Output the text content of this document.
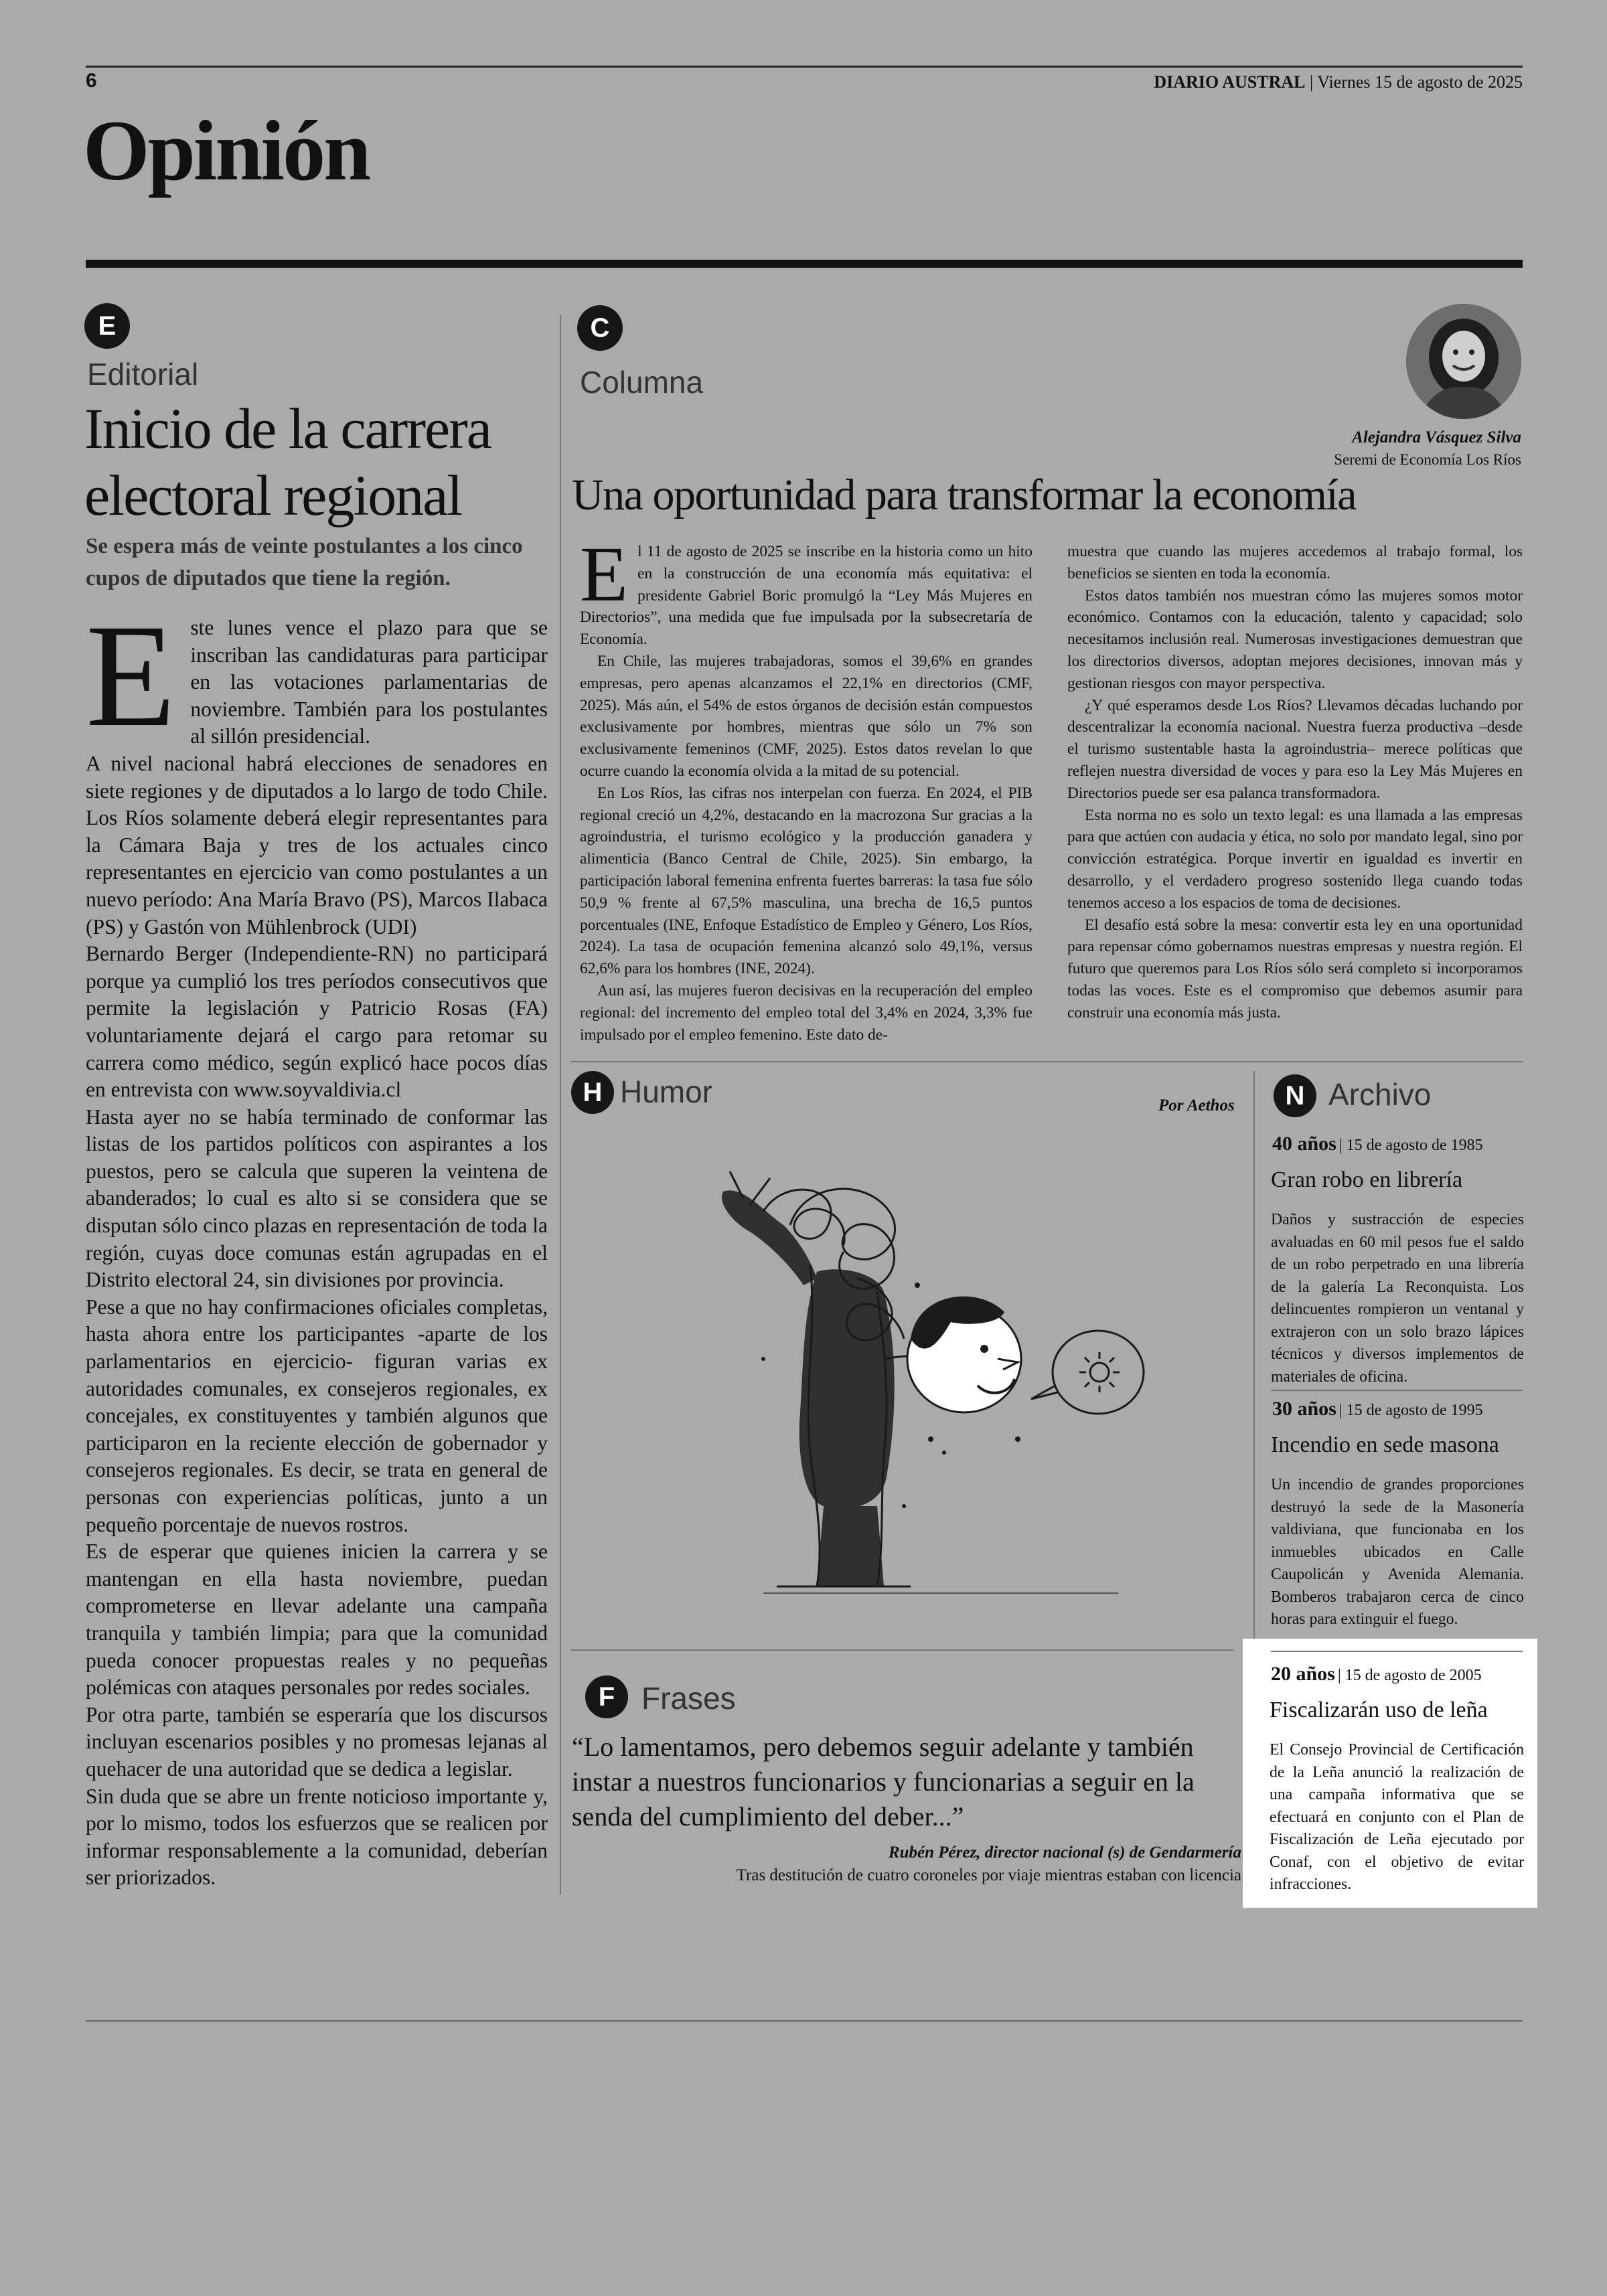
6	DIARIO AUSTRAL | Viernes 15 de agosto de 2025
Opinión
E
Editorial
Inicio de la carrera
electoral regional
Se espera más de veinte postulantes a los cinco cupos de diputados que tiene la región.

Este lunes vence el plazo para que se inscriban las candidaturas para participar en las votaciones parlamentarias de noviembre. También para los postulantes al sillón presidencial.

A nivel nacional habrá elecciones de senadores en siete regiones y de diputados a lo largo de todo Chile. Los Ríos solamente deberá elegir representantes para la Cámara Baja y tres de los actuales cinco representantes en ejercicio van como postulantes a un nuevo período: Ana María Bravo (PS), Marcos Ilabaca (PS) y Gastón von Mühlenbrock (UDI)

Bernardo Berger (Independiente-RN) no participará porque ya cumplió los tres períodos consecutivos que permite la legislación y Patricio Rosas (FA) voluntariamente dejará el cargo para retomar su carrera como médico, según explicó hace pocos días en entrevista con www.soyvaldivia.cl

Hasta ayer no se había terminado de conformar las listas de los partidos políticos con aspirantes a los puestos, pero se calcula que superen la veintena de abanderados; lo cual es alto si se considera que se disputan sólo cinco plazas en representación de toda la región, cuyas doce comunas están agrupadas en el Distrito electoral 24, sin divisiones por provincia.

Pese a que no hay confirmaciones oficiales completas, hasta ahora entre los participantes -aparte de los parlamentarios en ejercicio- figuran varias ex autoridades comunales, ex consejeros regionales, ex concejales, ex constituyentes y también algunos que participaron en la reciente elección de gobernador y consejeros regionales. Es decir, se trata en general de personas con experiencias políticas, junto a un pequeño porcentaje de nuevos rostros.

Es de esperar que quienes inicien la carrera y se mantengan en ella hasta noviembre, puedan comprometerse en llevar adelante una campaña tranquila y también limpia; para que la comunidad pueda conocer propuestas reales y no pequeñas polémicas con ataques personales por redes sociales.

Por otra parte, también se esperaría que los discursos incluyan escenarios posibles y no promesas lejanas al quehacer de una autoridad que se dedica a legislar.

Sin duda que se abre un frente noticioso importante y, por lo mismo, todos los esfuerzos que se realicen por informar responsablemente a la comunidad, deberían ser priorizados.

C
Columna
Alejandra Vásquez Silva
Seremi de Economía Los Ríos
Una oportunidad para transformar la economía

El 11 de agosto de 2025 se inscribe en la historia como un hito en la construcción de una economía más equitativa: el presidente Gabriel Boric promulgó la “Ley Más Mujeres en Directorios”, una medida que fue impulsada por la subsecretaría de Economía.

En Chile, las mujeres trabajadoras, somos el 39,6% en grandes empresas, pero apenas alcanzamos el 22,1% en directorios (CMF, 2025). Más aún, el 54% de estos órganos de decisión están compuestos exclusivamente por hombres, mientras que sólo un 7% son exclusivamente femeninos (CMF, 2025). Estos datos revelan lo que ocurre cuando la economía olvida a la mitad de su potencial.

En Los Ríos, las cifras nos interpelan con fuerza. En 2024, el PIB regional creció un 4,2%, destacando en la macrozona Sur gracias a la agroindustria, el turismo ecológico y la producción ganadera y alimenticia (Banco Central de Chile, 2025). Sin embargo, la participación laboral femenina enfrenta fuertes barreras: la tasa fue sólo 50,9 % frente al 67,5% masculina, una brecha de 16,5 puntos porcentuales (INE, Enfoque Estadístico de Empleo y Género, Los Ríos, 2024). La tasa de ocupación femenina alcanzó solo 49,1%, versus 62,6% para los hombres (INE, 2024).

Aun así, las mujeres fueron decisivas en la recuperación del empleo regional: del incremento del empleo total del 3,4% en 2024, 3,3% fue impulsado por el empleo femenino. Este dato de-

muestra que cuando las mujeres accedemos al trabajo formal, los beneficios se sienten en toda la economía.

Estos datos también nos muestran cómo las mujeres somos motor económico. Contamos con la educación, talento y capacidad; solo necesitamos inclusión real. Numerosas investigaciones demuestran que los directorios diversos, adoptan mejores decisiones, innovan más y gestionan riesgos con mayor perspectiva.

¿Y qué esperamos desde Los Ríos? Llevamos décadas luchando por descentralizar la economía nacional. Nuestra fuerza productiva –desde el turismo sustentable hasta la agroindustria– merece políticas que reflejen nuestra diversidad de voces y para eso la Ley Más Mujeres en Directorios puede ser esa palanca transformadora.

Esta norma no es solo un texto legal: es una llamada a las empresas para que actúen con audacia y ética, no solo por mandato legal, sino por convicción estratégica. Porque invertir en igualdad es invertir en desarrollo, y el verdadero progreso sostenido llega cuando todas tenemos acceso a los espacios de toma de decisiones.

El desafío está sobre la mesa: convertir esta ley en una oportunidad para repensar cómo gobernamos nuestras empresas y nuestra región. El futuro que queremos para Los Ríos sólo será completo si incorporamos todas las voces. Este es el compromiso que debemos asumir para construir una economía más justa.

H Humor	Por Aethos
F Frases
“Lo lamentamos, pero debemos seguir adelante y también instar a nuestros funcionarios y funcionarias a seguir en la senda del cumplimiento del deber...”
Rubén Pérez, director nacional (s) de Gendarmería
Tras destitución de cuatro coroneles por viaje mientras estaban con licencia
N Archivo
40 años | 15 de agosto de 1985
Gran robo en librería
Daños y sustracción de especies avaluadas en 60 mil pesos fue el saldo de un robo perpetrado en una librería de la galería La Reconquista. Los delincuentes rompieron un ventanal y extrajeron con un solo brazo lápices técnicos y diversos implementos de materiales de oficina.
30 años | 15 de agosto de 1995
Incendio en sede masona
Un incendio de grandes proporciones destruyó la sede de la Masonería valdiviana, que funcionaba en los inmuebles ubicados en Calle Caupolicán y Avenida Alemania. Bomberos trabajaron cerca de cinco horas para extinguir el fuego.
20 años | 15 de agosto de 2005
Fiscalizarán uso de leña
El Consejo Provincial de Certificación de la Leña anunció la realización de una campaña informativa que se efectuará en conjunto con el Plan de Fiscalización de Leña ejecutado por Conaf, con el objetivo de evitar infracciones.
